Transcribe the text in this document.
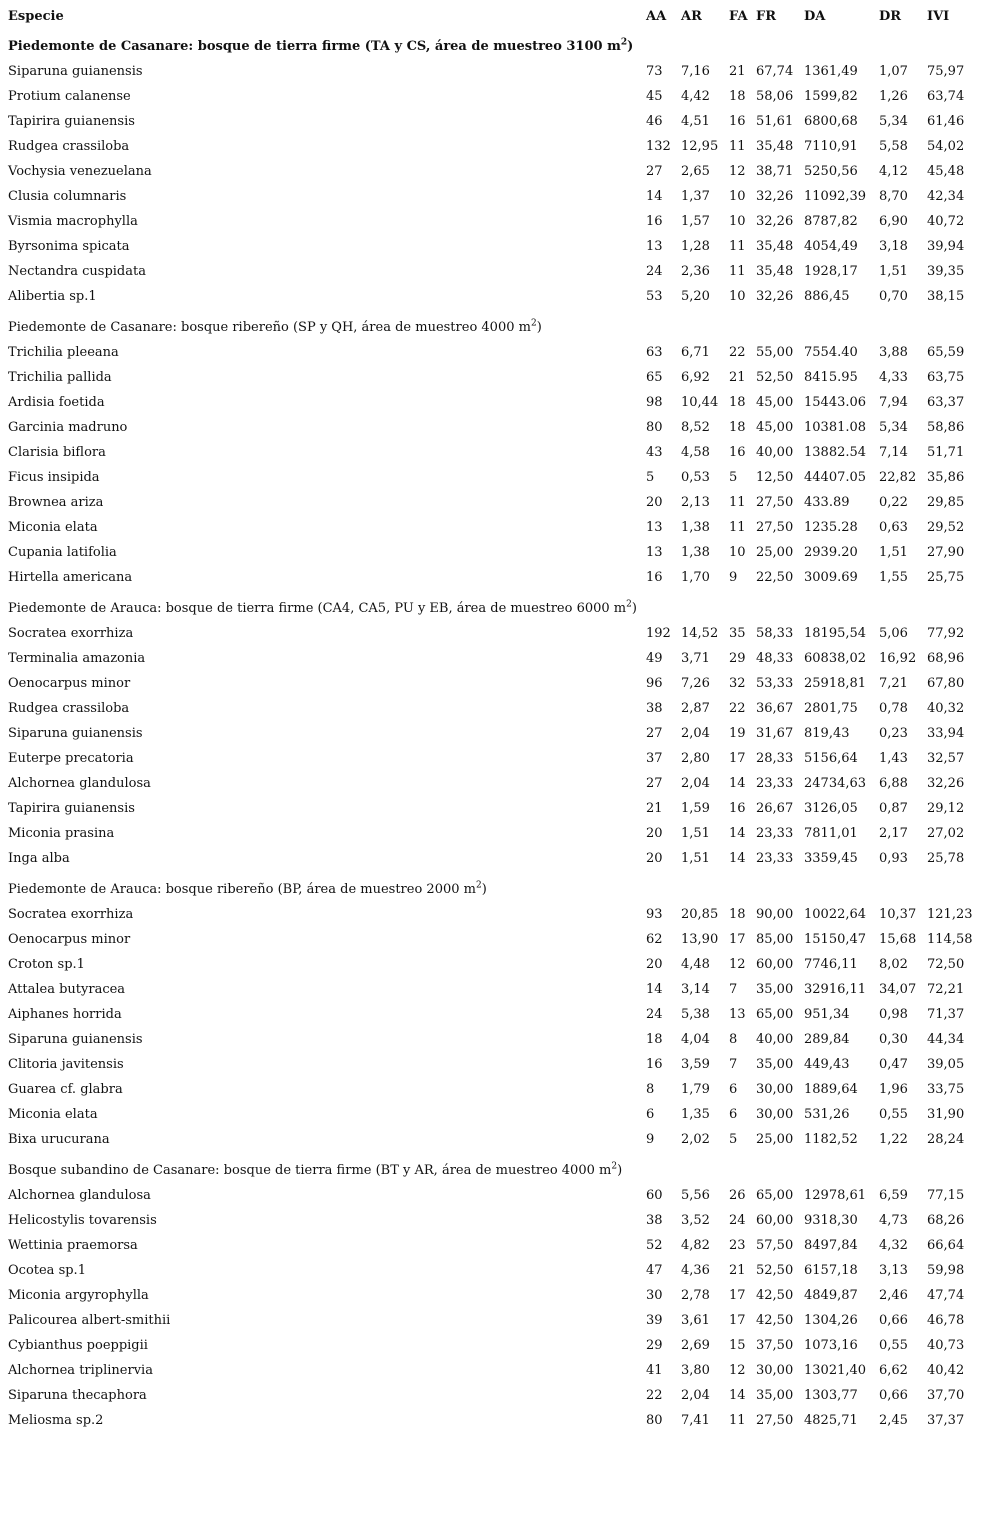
Especie	AA AR FA FR DA	DR IVI
Piedemonte de Casanare: bosque de tierra firme (TA y CS, área de muestreo 3100 $m^2$)
Siparuna guianensis	73 7,16 21 67,74 1361,49 1,07 75,97
Protium calanense	45 4,42 18 58,06 1599,82 1,26 63,74
Tapirira guianensis	46 4,51 16 51,61 6800,68 5,34 61,46
Rudgea crassiloba	132 12,95 11 35,48 7110,91 5,58 54,02
Vochysia venezuelana	27 2,65 12 38,71 5250,56 4,12 45,48
Clusia columnaris	14 1,37 10 32,26 11092,39 8,70 42,34
Vismia macrophylla	16 1,57 10 32,26 8787,82 6,90 40,72
Byrsonima spicata	13 1,28 11 35,48 4054,49 3,18 39,94
Nectandra cuspidata	24 2,36 11 35,48 1928,17 1,51 39,35
Alibertia sp.1	53 5,20 10 32,26 886,45 0,70 38,15
Piedemonte de Casanare: bosque ribereño (SP y QH, área de muestreo 4000 $m^2$)
Trichilia pleeana	63 6,71 22 55,00 7554.40 3,88 65,59
Trichilia pallida	65 6,92 21 52,50 8415.95 4,33 63,75
Ardisia foetida	98 10,44 18 45,00 15443.06 7,94 63,37
Garcinia madruno	80 8,52 18 45,00 10381.08 5,34 58,86
Clarisia biflora	43 4,58 16 40,00 13882.54 7,14 51,71
Ficus insipida	5 0,53 5 12,50 44407.05 22,82 35,86
Brownea ariza	20 2,13 11 27,50 433.89 0,22 29,85
Miconia elata	13 1,38 11 27,50 1235.28 0,63 29,52
Cupania latifolia	13 1,38 10 25,00 2939.20 1,51 27,90
Hirtella americana	16 1,70 9 22,50 3009.69 1,55 25,75
Piedemonte de Arauca: bosque de tierra firme (CA4, CA5, PU y EB, área de muestreo 6000 $m^2$)
Socratea exorrhiza	192 14,52 35 58,33 18195,54 5,06 77,92
Terminalia amazonia	49 3,71 29 48,33 60838,02 16,92 68,96
Oenocarpus minor	96 7,26 32 53,33 25918,81 7,21 67,80
Rudgea crassiloba	38 2,87 22 36,67 2801,75 0,78 40,32
Siparuna guianensis	27 2,04 19 31,67 819,43 0,23 33,94
Euterpe precatoria	37 2,80 17 28,33 5156,64 1,43 32,57
Alchornea glandulosa	27 2,04 14 23,33 24734,63 6,88 32,26
Tapirira guianensis	21 1,59 16 26,67 3126,05 0,87 29,12
Miconia prasina	20 1,51 14 23,33 7811,01 2,17 27,02
Inga alba	20 1,51 14 23,33 3359,45 0,93 25,78
Piedemonte de Arauca: bosque ribereño (BP, área de muestreo 2000 $m^2$)
Socratea exorrhiza	93 20,85 18 90,00 10022,64 10,37 121,23
Oenocarpus minor	62 13,90 17 85,00 15150,47 15,68 114,58
Croton sp.1	20 4,48 12 60,00 7746,11 8,02 72,50
Attalea butyracea	14 3,14 7 35,00 32916,11 34,07 72,21
Aiphanes horrida	24 5,38 13 65,00 951,34 0,98 71,37
Siparuna guianensis	18 4,04 8 40,00 289,84 0,30 44,34
Clitoria javitensis	16 3,59 7 35,00 449,43 0,47 39,05
Guarea cf. glabra	8 1,79 6 30,00 1889,64 1,96 33,75
Miconia elata	6 1,35 6 30,00 531,26 0,55 31,90
Bixa urucurana	9 2,02 5 25,00 1182,52 1,22 28,24
Bosque subandino de Casanare: bosque de tierra firme (BT y AR, área de muestreo 4000 $m^2$)
Alchornea glandulosa	60 5,56 26 65,00 12978,61 6,59 77,15
Helicostylis tovarensis	38 3,52 24 60,00 9318,30 4,73 68,26
Wettinia praemorsa	52 4,82 23 57,50 8497,84 4,32 66,64
Ocotea sp.1	47 4,36 21 52,50 6157,18 3,13 59,98
Miconia argyrophylla	30 2,78 17 42,50 4849,87 2,46 47,74
Palicourea albert-smithii	39 3,61 17 42,50 1304,26 0,66 46,78
Cybianthus poeppigii	29 2,69 15 37,50 1073,16 0,55 40,73
Alchornea triplinervia	41 3,80 12 30,00 13021,40 6,62 40,42
Siparuna thecaphora	22 2,04 14 35,00 1303,77 0,66 37,70
Meliosma sp.2	80 7,41 11 27,50 4825,71 2,45 37,37
